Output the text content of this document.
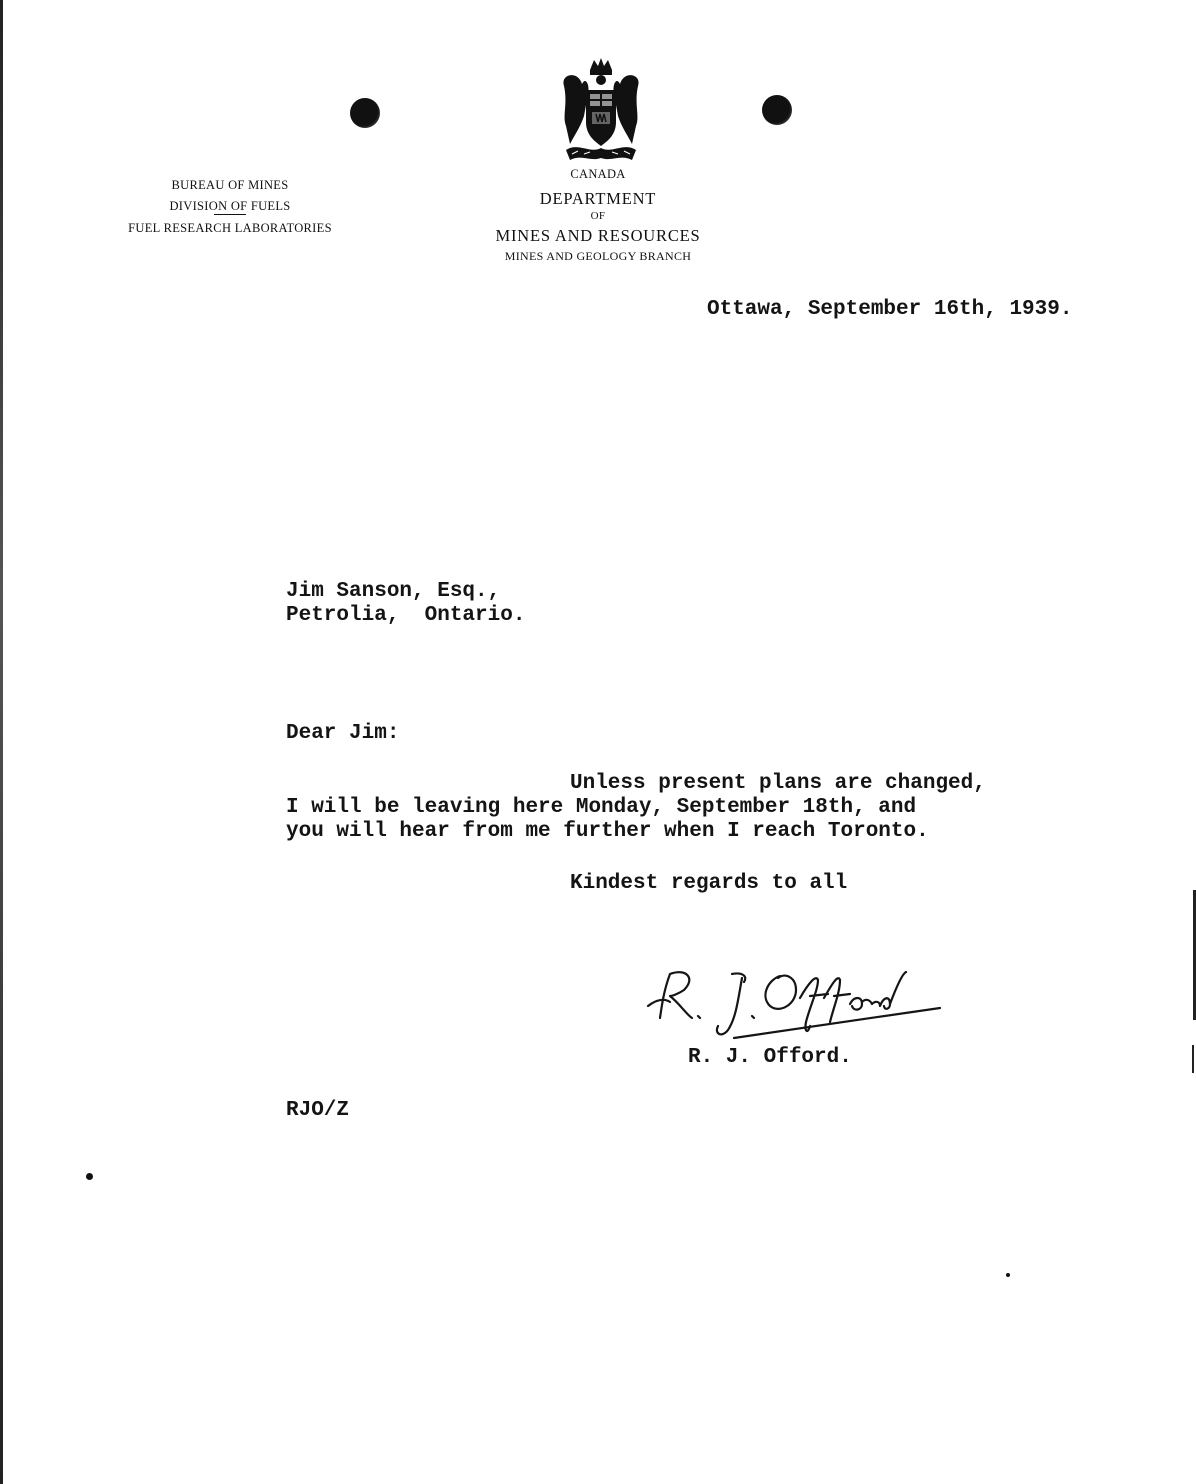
BUREAU OF MINES
DIVISION OF FUELS
FUEL RESEARCH LABORATORIES
CANADA
DEPARTMENT
OF
MINES AND RESOURCES
MINES AND GEOLOGY BRANCH
Ottawa, September 16th, 1939.
Jim Sanson, Esq.,
Petrolia,  Ontario.
Dear Jim:
Unless present plans are changed,
I will be leaving here Monday, September 18th, and
you will hear from me further when I reach Toronto.
Kindest regards to all
R. J. Offord.
RJO/Z
